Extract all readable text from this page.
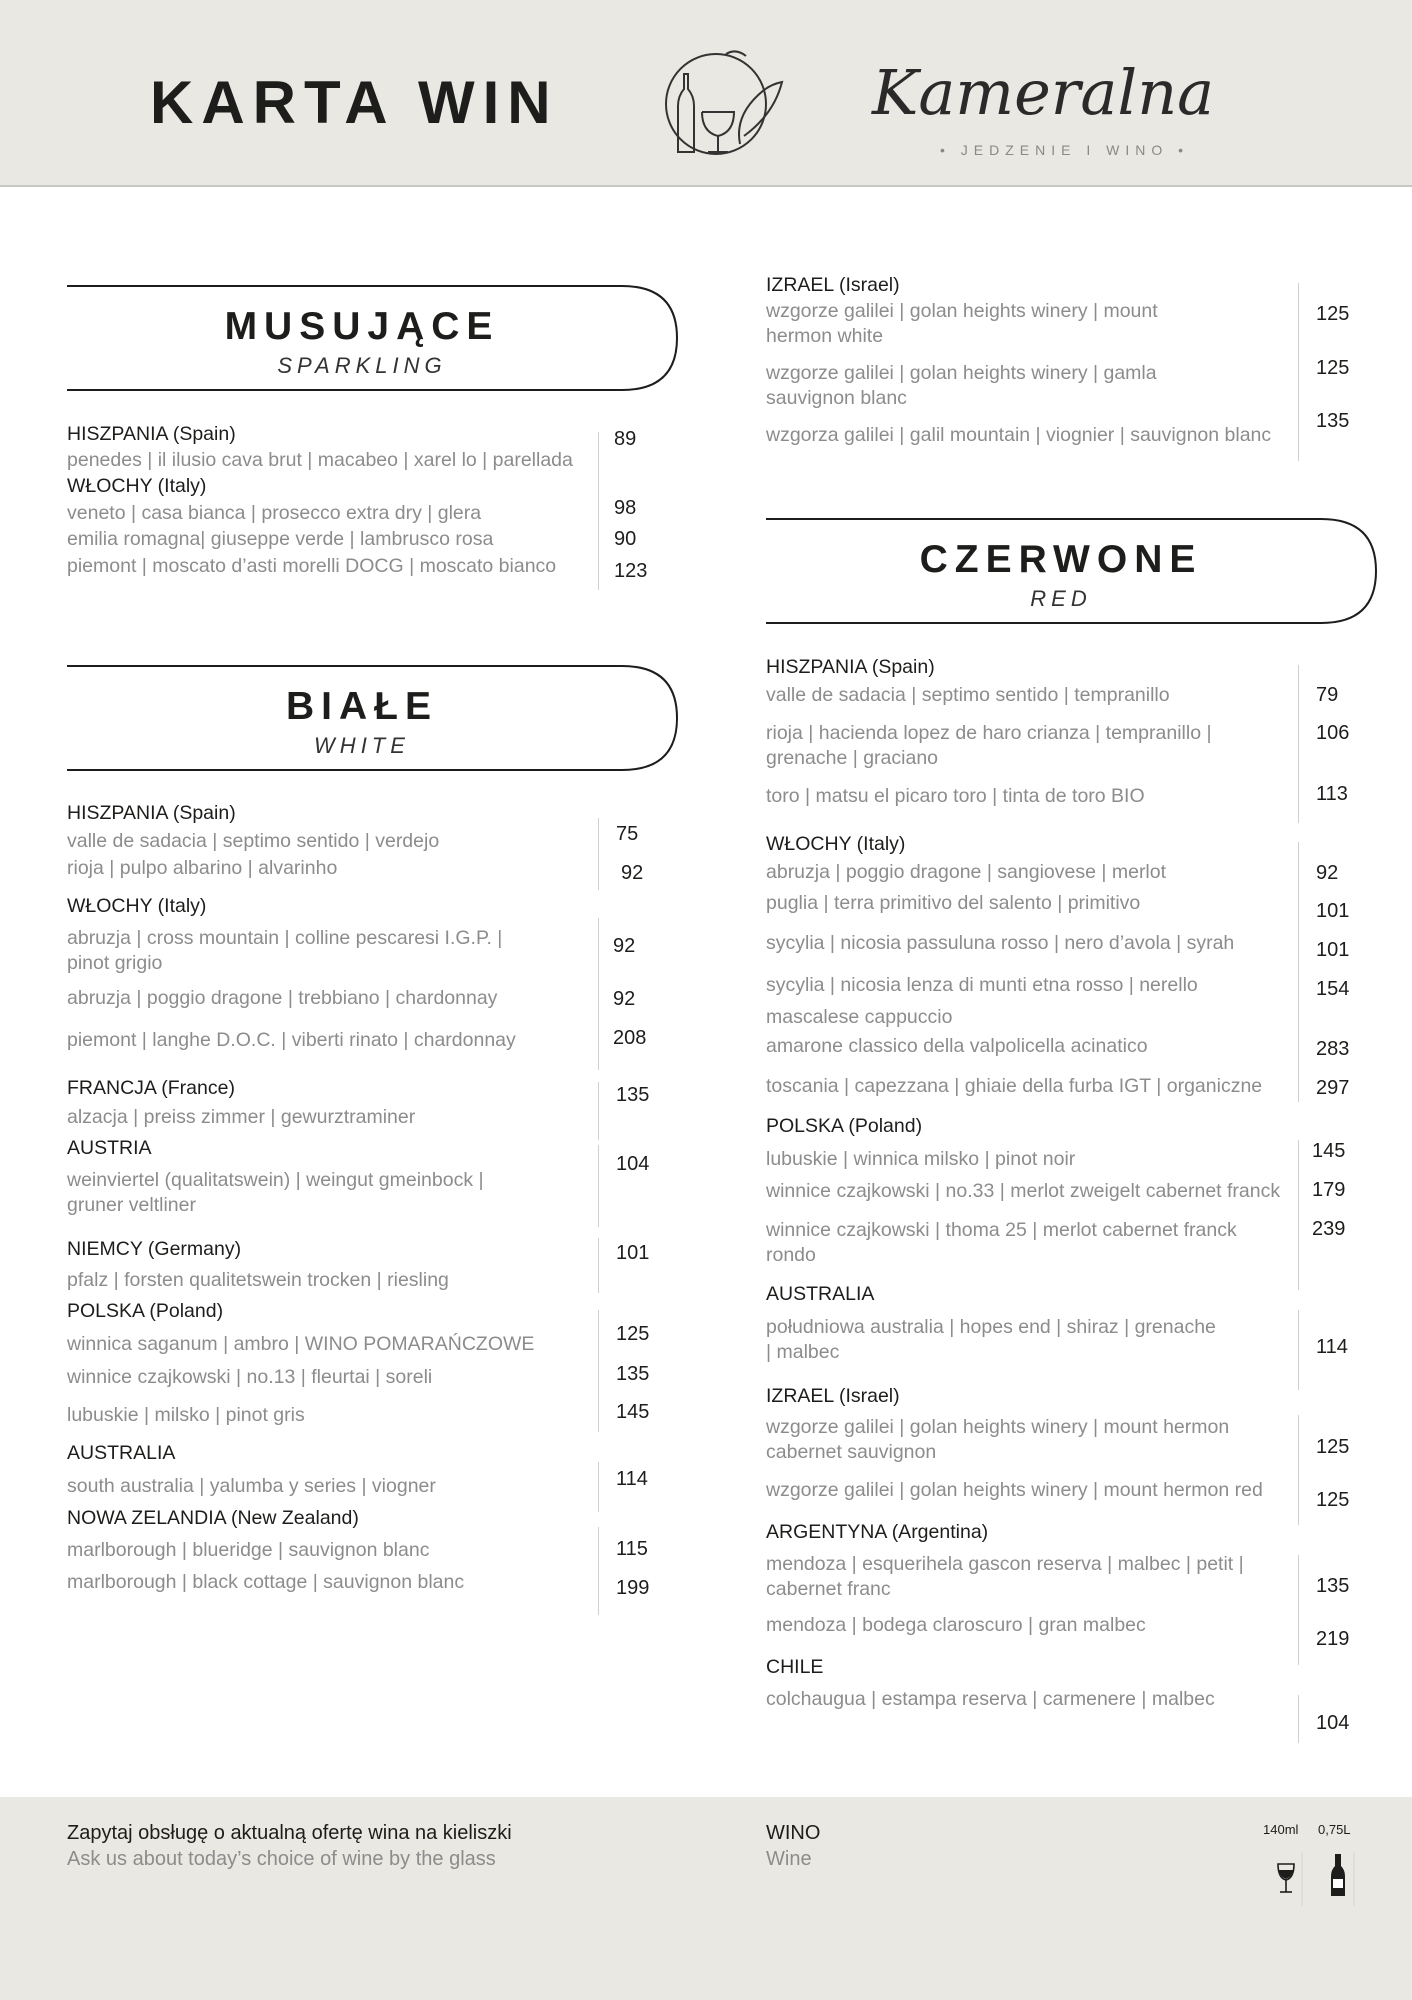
KARTA WIN	Kameralna
• JEDZENIE I WINO •
MUSUJĄCE
SPARKLING
HISZPANIA (Spain)
penedes | il ilusio cava brut | macabeo | xarel lo | parellada
89
WŁOCHY (Italy)
veneto | casa bianca | prosecco extra dry | glera	98
emilia romagna| giuseppe verde | lambrusco rosa	90
piemont | moscato d’asti morelli DOCG | moscato bianco	123
BIAŁE
WHITE
HISZPANIA (Spain)
valle de sadacia | septimo sentido | verdejo	75
rioja | pulpo albarino | alvarinho	92
WŁOCHY (Italy)
abruzja | cross mountain | colline pescaresi I.G.P. | pinot grigio
92
abruzja | poggio dragone | trebbiano | chardonnay	92
piemont | langhe D.O.C. | viberti rinato | chardonnay	208
FRANCJA (France)
alzacja | preiss zimmer | gewurztraminer
135
AUSTRIA
weinviertel (qualitatswein) | weingut gmeinbock | gruner veltliner
104
NIEMCY (Germany)
pfalz | forsten qualitetswein trocken | riesling
101
POLSKA (Poland)
winnica saganum | ambro | WINO POMARAŃCZOWE	125
winnice czajkowski | no.13 | fleurtai | soreli	135
lubuskie | milsko | pinot gris	145
AUSTRALIA
south australia | yalumba y series | viogner	114
NOWA ZELANDIA (New Zealand)
marlborough | blueridge | sauvignon blanc	115
marlborough | black cottage | sauvignon blanc	199
IZRAEL (Israel)
wzgorze galilei | golan heights winery | mount hermon white
125
wzgorze galilei | golan heights winery | gamla sauvignon blanc
125
wzgorza galilei | galil mountain | viognier | sauvignon blanc
135
CZERWONE
RED
HISZPANIA (Spain)
valle de sadacia | septimo sentido | tempranillo	79
rioja | hacienda lopez de haro crianza | tempranillo | grenache | graciano
106
toro | matsu el picaro toro | tinta de toro BIO	113
WŁOCHY (Italy)
abruzja | poggio dragone | sangiovese | merlot	92
puglia | terra primitivo del salento | primitivo	101
sycylia | nicosia passuluna rosso | nero d’avola | syrah	101
sycylia | nicosia lenza di munti etna rosso | nerello mascalese cappuccio
154
amarone classico della valpolicella acinatico	283
toscania | capezzana | ghiaie della furba IGT | organiczne	297
POLSKA (Poland)
lubuskie | winnica milsko | pinot noir	145
winnice czajkowski | no.33 | merlot zweigelt cabernet franck	179
winnice czajkowski | thoma 25 | merlot cabernet franck rondo
239
AUSTRALIA
południowa australia | hopes end | shiraz | grenache | malbec	114
IZRAEL (Israel)
wzgorze galilei | golan heights winery | mount hermon cabernet sauvignon	125
wzgorze galilei | golan heights winery | mount hermon red	125
ARGENTYNA (Argentina)
mendoza | esquerihela gascon reserva | malbec | petit | cabernet franc	135
mendoza | bodega claroscuro | gran malbec
219
CHILE
colchaugua | estampa reserva | carmenere | malbec
104
Zapytaj obsługę o aktualną ofertę wina na kieliszki
Ask us about today’s choice of wine by the glass
WINO
Wine
140ml 0,75L
